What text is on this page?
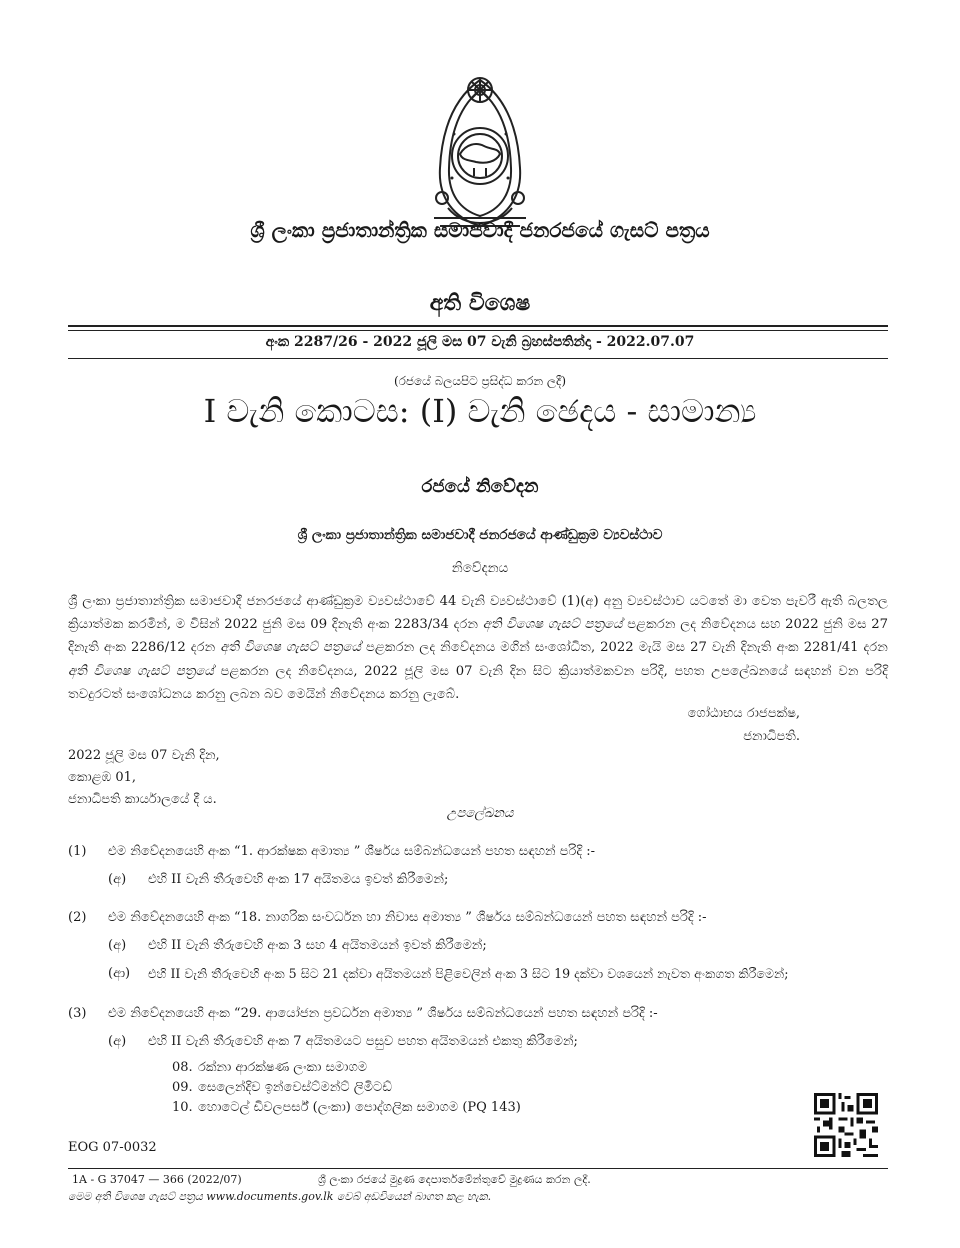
ශ්‍රී ලංකා ප්‍රජාතාන්ත්‍රික සමාජවාදී ජනරජයේ ගැසට් පත්‍රය
අති විශෙෂ
අංක 2287/26 - 2022 ජූලි මස 07 වැනි බ්‍රහස්පතින්දා - 2022.07.07
(රජයේ බලයපිට ප්‍රසිද්ධ කරන ලදී)
I වැනි කොටස: (I) වැනි ඡෙදය - සාමාන්‍ය
රජයේ නිවේදන
ශ්‍රී ලංකා ප්‍රජාතාන්ත්‍රික සමාජවාදී ජනරජයේ ආණ්ඩුක්‍රම ව්‍යවස්ථාව
නිවේදනය

ශ්‍රී ලංකා ප්‍රජාතාන්ත්‍රික සමාජවාදී ජනරජයේ ආණ්ඩුක්‍රම ව්‍යවස්ථාවේ 44 වැනි ව්‍යවස්ථාවේ (1)(අ) අනු ව්‍යවස්ථාව යටතේ මා වෙත පැවරී ඇති බලතල ක්‍රියාත්මක කරමින්, ම විසින් 2022 ජුනි මස 09 දිනැති අංක 2283/34 දරන අති විශෙෂ ගැසට් පත්‍රයේ පළකරන ලද නිවේදනය සහ 2022 ජුනි මස 27 දිනැති අංක 2286/12 දරන අති විශෙෂ ගැසට් පත්‍රයේ පළකරන ලද නිවේදනය මගින් සංශෝධිත, 2022 මැයි මස 27 වැනි දිනැති අංක 2281/41 දරන අති විශෙෂ ගැසට් පත්‍රයේ පළකරන ලද නිවේදනය, 2022 ජූලි මස 07 වැනි දින සිට ක්‍රියාත්මකවන පරිදි, පහත උපලේඛනයේ සඳහන් වන පරිදි තවදුරටත් සංශෝධනය කරනු ලබන බව මෙයින් නිවේදනය කරනු ලැබේ.

ගෝඨාභය රාජපක්ෂ,
ජනාධිපති.
2022 ජූලි මස 07 වැනි දින,
කොළඹ 01,
ජනාධිපති කාර්යාලයේ දී ය.
උපලේඛනය
(1) එම නිවේදනයෙහි අංක “1. ආරක්ෂක අමාත්‍ය ” ශීර්ෂය සම්බන්ධයෙන් පහත සඳහන් පරිදි :-
(අ) එහි II වැනි තීරුවෙහි අංක 17 අයිතමය ඉවත් කිරීමෙන්;
(2) එම නිවේදනයෙහි අංක “18. නාගරික සංවර්ධන හා නිවාස අමාත්‍ය ” ශීර්ෂය සම්බන්ධයෙන් පහත සඳහන් පරිදි :-
(අ) එහි II වැනි තීරුවෙහි අංක 3 සහ 4 අයිතමයන් ඉවත් කිරීමෙන්;
(ආ) එහි II වැනි තීරුවෙහි අංක 5 සිට 21 දක්වා අයිතමයන් පිළිවෙලින් අංක 3 සිට 19 දක්වා වශයෙන් නැවත අංකගත කිරීමෙන්;
(3) එම නිවේදනයෙහි අංක “29. ආයෝජන ප්‍රවර්ධන අමාත්‍ය ” ශීර්ෂය සම්බන්ධයෙන් පහත සඳහන් පරිදි :-
(අ) එහි II වැනි තීරුවෙහි අංක 7 අයිතමයට පසුව පහත අයිතමයන් එකතු කිරීමෙන්;
08. රක්නා ආරක්ෂණ ලංකා සමාගම
09. සෙලෙන්දිව ඉන්වෙස්ට්මන්ට් ලිමිටඩ්
10. හොටෙල් ඩිවලපර්ස් (ලංකා) පොද්ගලික සමාගම (PQ 143)
EOG 07-0032
1A - G 37047 — 366 (2022/07)	ශ්‍රී ලංකා රජයේ මුද්‍රණ දෙපාර්තමේන්තුවේ මුද්‍රණය කරන ලදී.
මෙම අති විශෙෂ ගැසට් පත්‍රය www.documents.gov.lk වෙබ් අඩවියෙන් බාගත කළ හැක.
